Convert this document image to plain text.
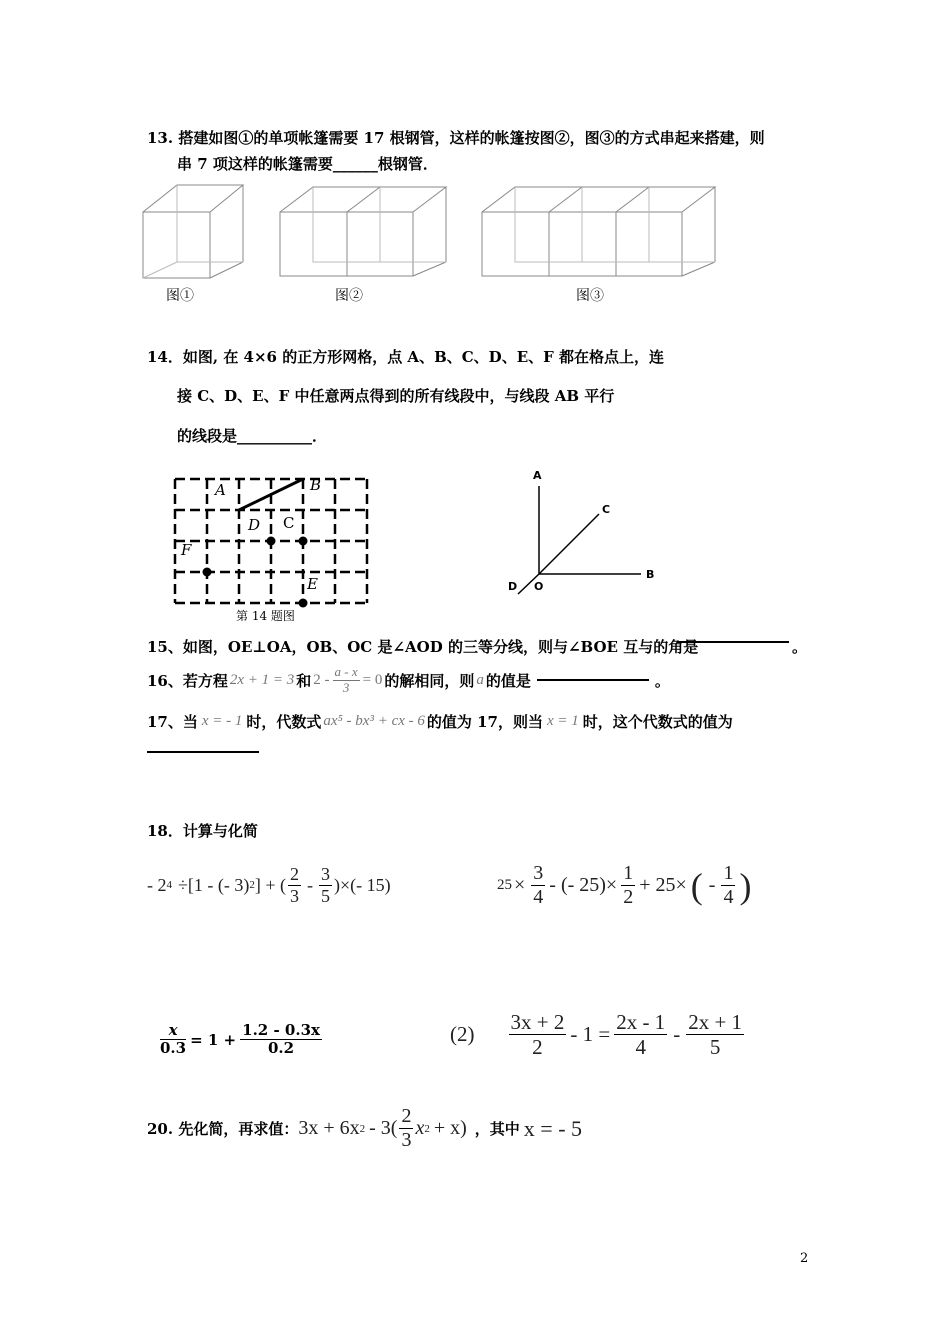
13. 搭建如图①的单项帐篷需要 17 根钢管，这样的帐篷按图②，图③的方式串起来搭建，则
串 7 项这样的帐篷需要______根钢管．
图①	图②	图③
14．如图, 在 4×6 的正方形网格，点 A、B、C、D、E、F 都在格点上，连
接 C、D、E、F 中任意两点得到的所有线段中，与线段 AB 平行
的线段是__________．
A	B
C
D
F
E
第 14 题图
A
C
B
D O
15、如图，OE⊥OA，OB、OC 是∠AOD 的三等分线，则与∠BOE 互与的角是	。
16、若方程 2x + 1 = 3 和 $2 - \frac{a - x}{3} = 0$ 的解相同，则 a 的值是	。
17、当 x = - 1 时，代数式 ax⁵ - bx³ + cx - 6 的值为 17，则当 x = 1 时，这个代数式的值为
18．计算与化简
- 2 4 ÷[1 - (- 3) 2 ] + ( $\frac{2}{3} - \frac{3}{5}$ )×(- 15)	$25 \times \frac{3}{4}$ - (- $25)\times \frac{1}{2} + 25\times$ ( - $\frac{1}{4}$ )
$\frac{x}{0.3} = 1 + \frac{1.2 - 0.3x}{0.2}$	$(2) \frac{3x + 2}{2} - 1 = \frac{2x - 1}{4} - \frac{2x + 1}{5}$
20. 先化简，再求值： 3x + 6x $2 - 3( \frac{2}{3}$ x 2 + x) ，其中 x = - 5
2
